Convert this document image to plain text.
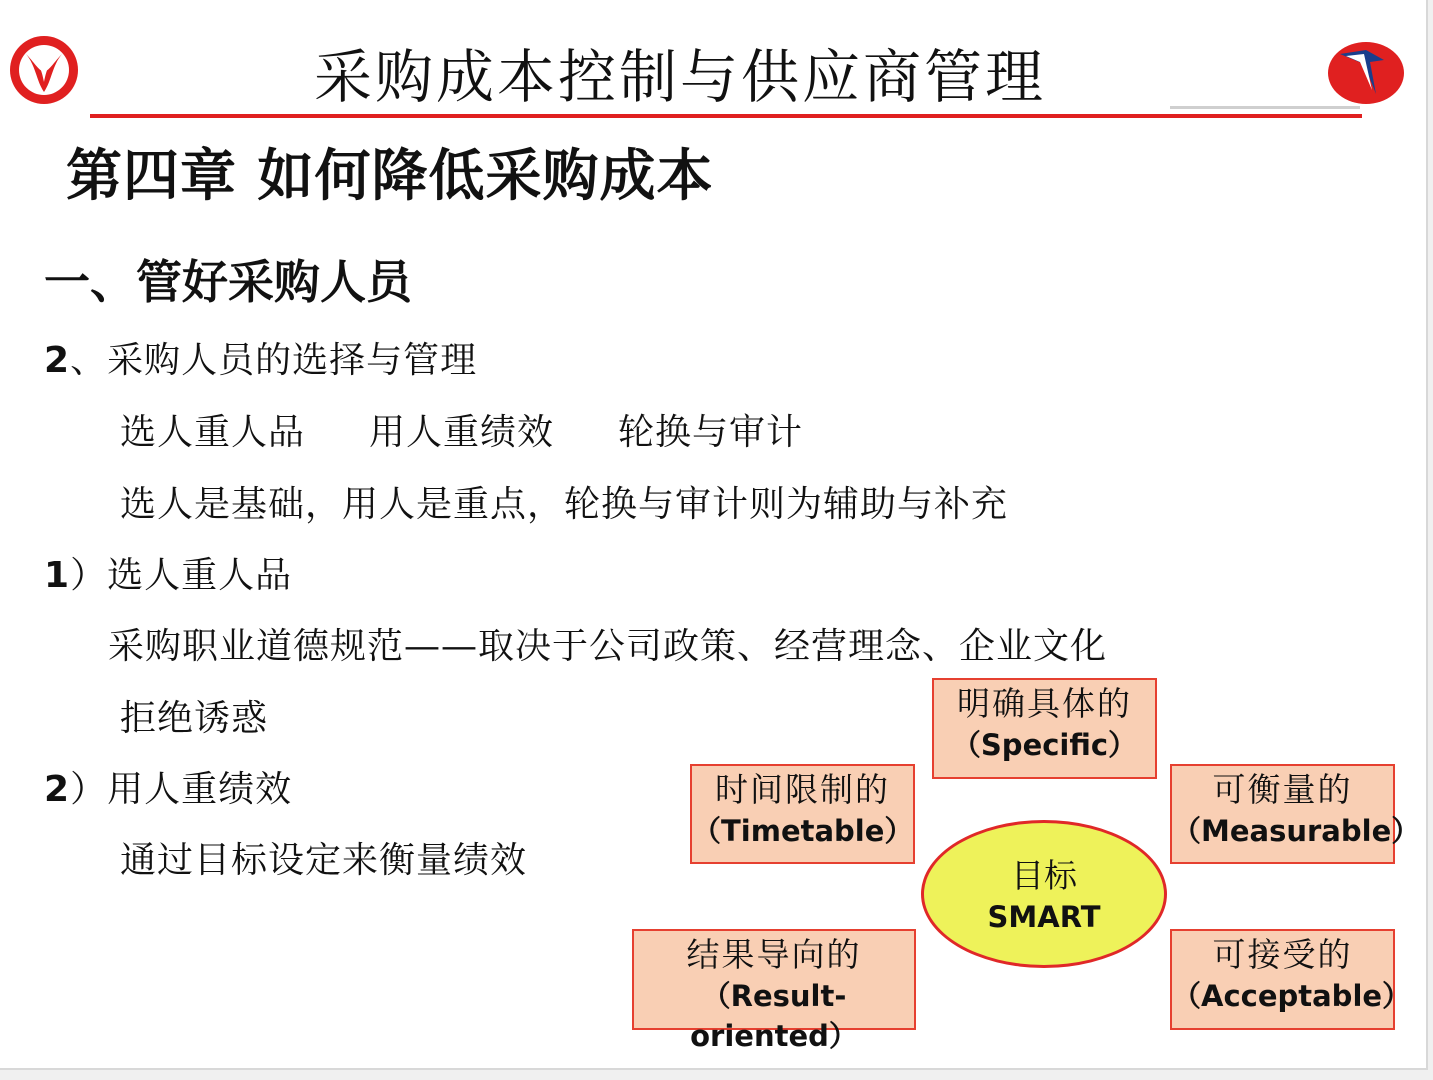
采购成本控制与供应商管理
第四章 如何降低采购成本
一、管好采购人员
2、采购人员的选择与管理
选人重人品 用人重绩效 轮换与审计
选人是基础，用人是重点，轮换与审计则为辅助与补充
1）选人重人品
采购职业道德规范——取决于公司政策、经营理念、企业文化
拒绝诱惑
2）用人重绩效
通过目标设定来衡量绩效
明确具体的
（Specific）
时间限制的
（Timetable）
可衡量的
（Measurable）
目标
SMART
结果导向的
（Result-oriented）
可接受的
（Acceptable）
